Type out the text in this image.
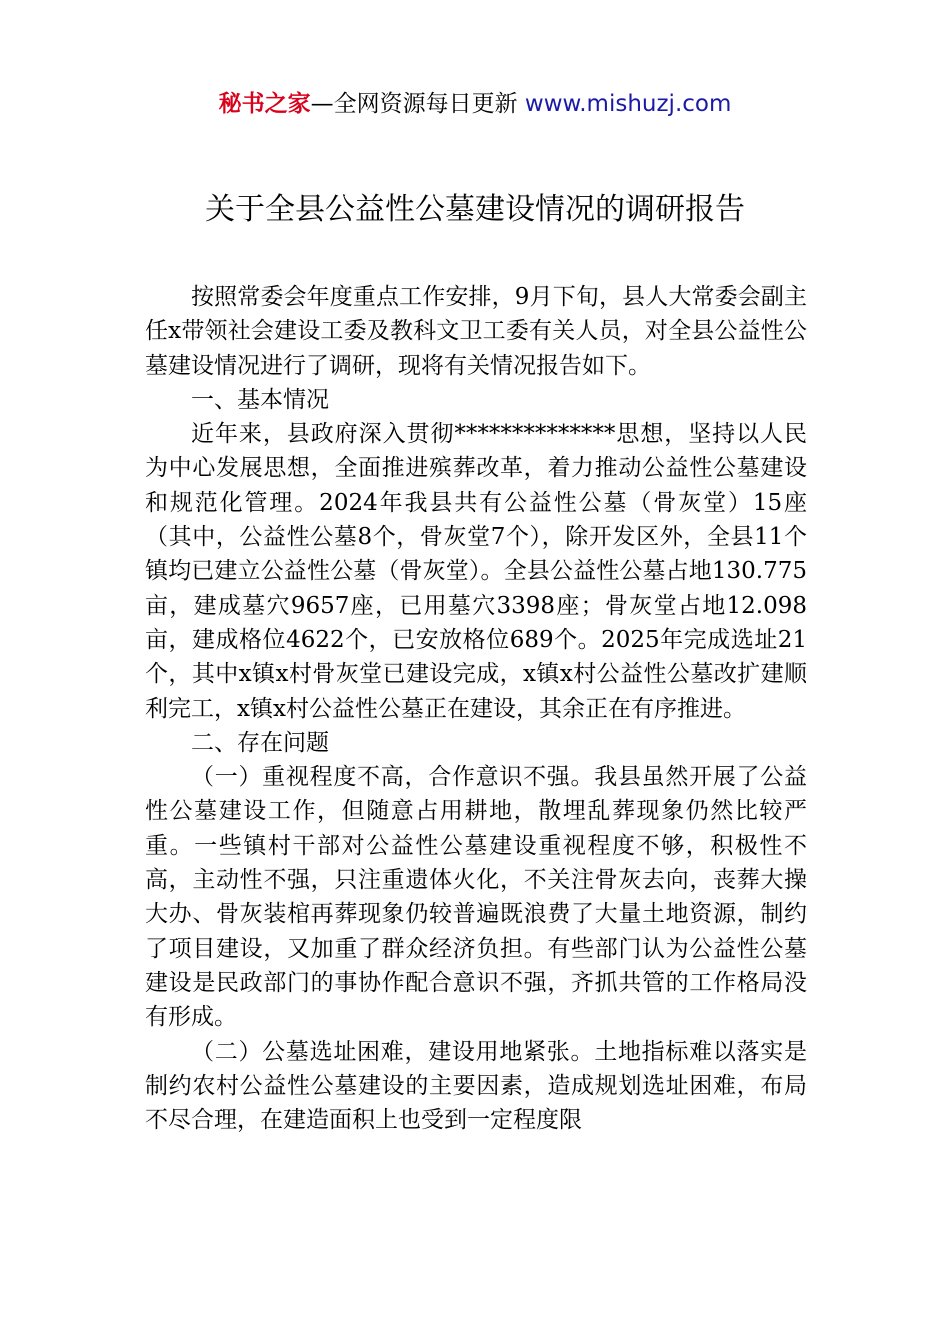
秘书之家—全网资源每日更新 www.mishuzj.com
关于全县公益性公墓建设情况的调研报告

按照常委会年度重点工作安排，9月下旬，县人大常委会副主任x带领社会建设工委及教科文卫工委有关人员，对全县公益性公墓建设情况进行了调研，现将有关情况报告如下。

一、基本情况

近年来，县政府深入贯彻**************思想，坚持以人民为中心发展思想，全面推进殡葬改革，着力推动公益性公墓建设和规范化管理。2024年我县共有公益性公墓（骨灰堂）15座（其中，公益性公墓8个，骨灰堂7个），除开发区外，全县11个镇均已建立公益性公墓（骨灰堂）。全县公益性公墓占地130.775亩，建成墓穴9657座，已用墓穴3398座；骨灰堂占地12.098亩，建成格位4622个，已安放格位689个。2025年完成选址21个，其中x镇x村骨灰堂已建设完成，x镇x村公益性公墓改扩建顺利完工，x镇x村公益性公墓正在建设，其余正在有序推进。

二、存在问题

（一）重视程度不高，合作意识不强。我县虽然开展了公益性公墓建设工作，但随意占用耕地，散埋乱葬现象仍然比较严重。一些镇村干部对公益性公墓建设重视程度不够，积极性不高，主动性不强，只注重遗体火化，不关注骨灰去向，丧葬大操大办、骨灰装棺再葬现象仍较普遍既浪费了大量土地资源，制约了项目建设，又加重了群众经济负担。有些部门认为公益性公墓建设是民政部门的事协作配合意识不强，齐抓共管的工作格局没有形成。

（二）公墓选址困难，建设用地紧张。土地指标难以落实是制约农村公益性公墓建设的主要因素，造成规划选址困难，布局不尽合理，在建造面积上也受到一定程度限
